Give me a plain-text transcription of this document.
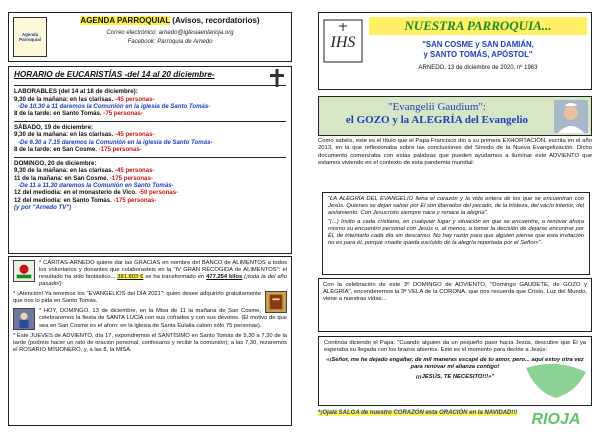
Agenda Parroquial
AGENDA PARROQUIAL (Avisos, recordatorios)
Correo electrónico: arnedo@iglesiaenlarioja.org
Facebook: Parroquia de Arnedo
HORARIO de EUCARISTÍAS -del 14 al 20 diciembre-
LABORABLES (del 14 al 18 de diciembre):
9,30 de la mañana: en las clarisas. -45 personas-
-De 10.30 a 11 daremos la Comunión en la iglesia de Santo Tomás-
8 de la tarde: en Santo Tomás. -75 personas-
SÁBADO, 19 de diciembre:
9,30 de la mañana: en las clarisas. -45 personas-
-De 6.30 a 7.15 daremos la Comunión en la iglesia de Santo Tomás-
8 de la tarde: en San Cosme. -175 personas-
DOMINGO, 20 de diciembre:
9,30 de la mañana: en las clarisas. -45 personas-
11 de la mañana: en San Cosme. -175 personas-
-De 11 a 11.30 daremos la Comunión en Santo Tomás-
12 del mediodía: en el monasterio de Vico. -50 personas-
12 del mediodía: en Santo Tomás. -175 personas-
(y por "Arnedo TV")
* CÁRITAS-ARNEDO quiere dar las GRACIAS en nombre del BANCO de ALIMENTOS a todos los voluntarios y donantes que colaborasteis en la "IV GRAN RECOGIDA de ALIMENTOS": el resultado ha sido fantástico... 381.803 € se ha transformado en 477.254 kilos (¡toda la del año pasado!)
* ¡Atención! Ya tenemos los "EVANGELIOS del DÍA 2021": quien desee adquirirlo gratuitamente que nos lo pida en Santo Tomás.
* HOY, DOMINGO, 13 de diciembre, en la Misa de 11 la mañana de San Cosme, celebraremos la fiesta de SANTA LUCÍA con sus cofrades y con sus devotos. (El motivo de que sea en San Cosme es el aforo: en la iglesia de Santa Eulalia caben sólo 75 personas).
* Este JUEVES de ADVIENTO, día 17, expondremos el SANTÍSIMO en Santo Tomás de 5,30 a 7,30 de la tarde (podréis hacer un rato de oración personal, confesaros y recibir la comunión); a las 7,30, rezaremos el ROSARIO MISIONERO, y, a las 8, la MISA.
IHS
NUESTRA PARROQUIA...
"SAN COSME y SAN DAMIÁN,
y SANTO TOMÁS, APÓSTOL"
ARNEDO, 13 de diciembre de 2020, nº 1963
"Evangelii Gaudium":
el GOZO y la ALEGRÍA del Evangelio
Como sabéis, este es el título que el Papa Francisco dio a su primera EXHORTACIÓN, escrita en el año 2013, en la que reflexionaba sobre las conclusiones del Sínodo de la Nueva Evangelización. Dicho documento comenzaba con estas palabras que pueden ayudarnos a iluminar este ADVIENTO que estamos viviendo en el contexto de esta pandemia mundial:

"LA ALEGRÍA DEL EVANGELIO llena el corazón y la vida entera de los que se encuentran con Jesús. Quienes se dejan salvar por Él son liberados del pecado, de la tristeza, del vacío interior, del aislamiento. Con Jesucristo siempre nace y renace la alegría".

"(...) Invito a cada cristiano, en cualquier lugar y situación en que se encuentre, a renovar ahora mismo su encuentro personal con Jesús o, al menos, a tomar la decisión de dejarse encontrar por Él, de intentarlo cada día sin descanso. No hay razón para que alguien piense que esta invitación no es para él, porque «nadie queda excluido de la alegría reportada por el Señor»".

Con la celebración de este 3º DOMINGO de ADVIENTO, "Domingo GAUDETE, de GOZO y ALEGRÍA", encenderemos la 3ª VELA de la CORONA, que nos recuerda que Cristo, Luz del Mundo, viene a nuestras vidas...
Continúa diciendo el Papa: "Cuando alguien da un pequeño paso hacia Jesús, descubre que Él ya esperaba su llegada con los brazos abiertos. Este es el momento para decirle a Jesús:
«¡Señor, me he dejado engañar, de mil maneras escapé de tu amor, pero... aquí estoy otra vez para renovar mi alianza contigo!
¡¡¡JESÚS, TE NECESITO!!!»"
*¡Ojalá SALGA de nuestro CORAZÓN esta ORACIÓN en la NAVIDAD!!! RIOJA
